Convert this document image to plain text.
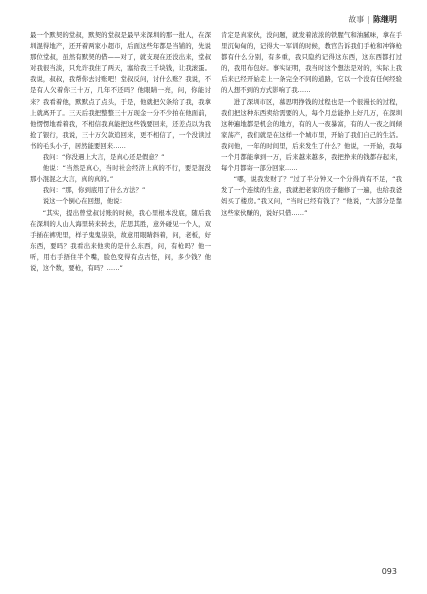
故事 | 陈继明

最一个默契的堂叔，默契的堂叔是最早来深圳的那一批人，在深圳混得地产，还开着两家小超市，后面这些年都是当铺的，先说那位堂叔，虽然有默契的借——对了，就支现在还没出来，堂叔对我很当淡，只允许我住了两天，塞给我三千块钱，让我滚蛋。我说，叔叔，我帮你去讨账吧！堂叔反问，讨什么账？我说，不是有人欠着你三十万，几年不还吗？他眼睛一亮，问，你能讨来？我看着他，默默点了点头，于是，他就把欠条给了我，我拿上就离开了。三天后我把整整三十万现金一分不少拍在他面前，他愣愣地看着我，不相信我真能把这些钱要回来，还差点以为我抢了银行，我说，三十万欠款追回来，更不相信了，一个没读过书的毛头小子，居然能要回来……

我问：“你没遇上大言，是真心还是假意？”

他说：“当然是真心，当时社会经济上真的不行，要是混没那小混混之大言，真的真的。”

我问：“那，你到底用了什么方法？”

说这一个倒心在回想，他说：

“其实，提出曾堂叔讨账的时候，我心里根本没底，随后我在深圳的人山人海里转来转去，茫思其胜，意外碰见一个人，双手插在裤兜里，样子鬼鬼祟祟，故意用眼睛斜着，问，老板，好东西，要吗？我看出来他卖的是什么东西，问，有枪吗？他一听，用右手捂住半个嘴，脸色变得有点古怪，问，多少钱？他说，这个数，要枪，有吗？……”

肯定是真家伙，没问题，就发着浓浓的铁腥气和油腻味，拿在手里沉甸甸的，记得大一军训的时候，教官告诉我们手枪和冲锋枪都有什么分别，有多重，我只隐约记得这东西，这东西都打过的，我用布包好。事实证明，我当时这个想法是对的，实际上我后来已经开始走上一条完全不同的道路，它以一个没有任何经验的人想不到的方式影响了我……

进了深圳市区，慕思明挣钱的过程也是一个很漫长的过程，我们把这种东西卖给需要的人，每个月总能挣上好几万，在深圳这种遍地都是机会的地方，有的人一夜暴富，有的人一夜之间倾家荡产，我们就是在这样一个城市里，开始了我们自己的生活。我问他，一年的时间里，后来发生了什么？他说，一开始，我每一个月都能拿到一万，后来越来越多，我把挣来的钱都存起来，每个月都寄一部分回家……

“哪，说我发财了？”过了半分钟又一个分得尚有不足，“我发了一个连续的生意，我就把老家的房子翻修了一遍，也给我爸妈买了楼房。”我又问，“当时已经有钱了？”他说，“大部分是靠这些家伙赚的，说好只借……”

093
